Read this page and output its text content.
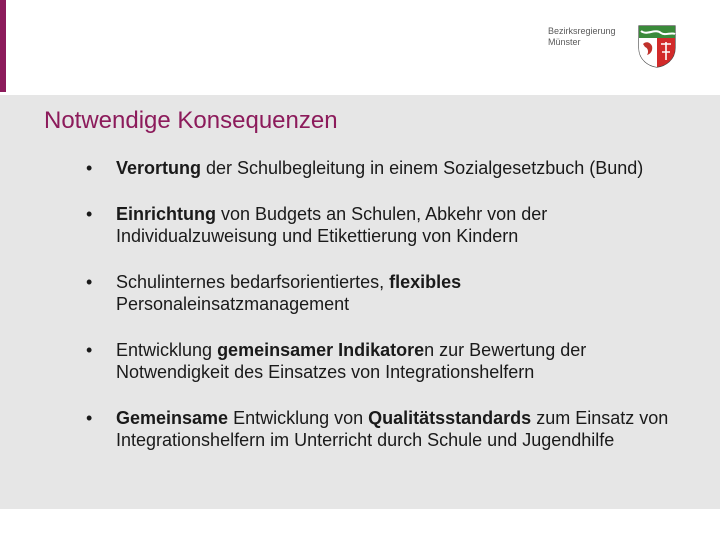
Bezirksregierung
Münster
Notwendige Konsequenzen
• Verortung der Schulbegleitung in einem Sozialgesetzbuch (Bund)
• Einrichtung von Budgets an Schulen, Abkehr von der Individualzuweisung und Etikettierung von Kindern
• Schulinternes bedarfsorientiertes, flexibles Personaleinsatzmanagement
• Entwicklung gemeinsamer Indikatoren zur Bewertung der Notwendigkeit des Einsatzes von Integrationshelfern
• Gemeinsame Entwicklung von Qualitätsstandards zum Einsatz von Integrationshelfern im Unterricht durch Schule und Jugendhilfe
